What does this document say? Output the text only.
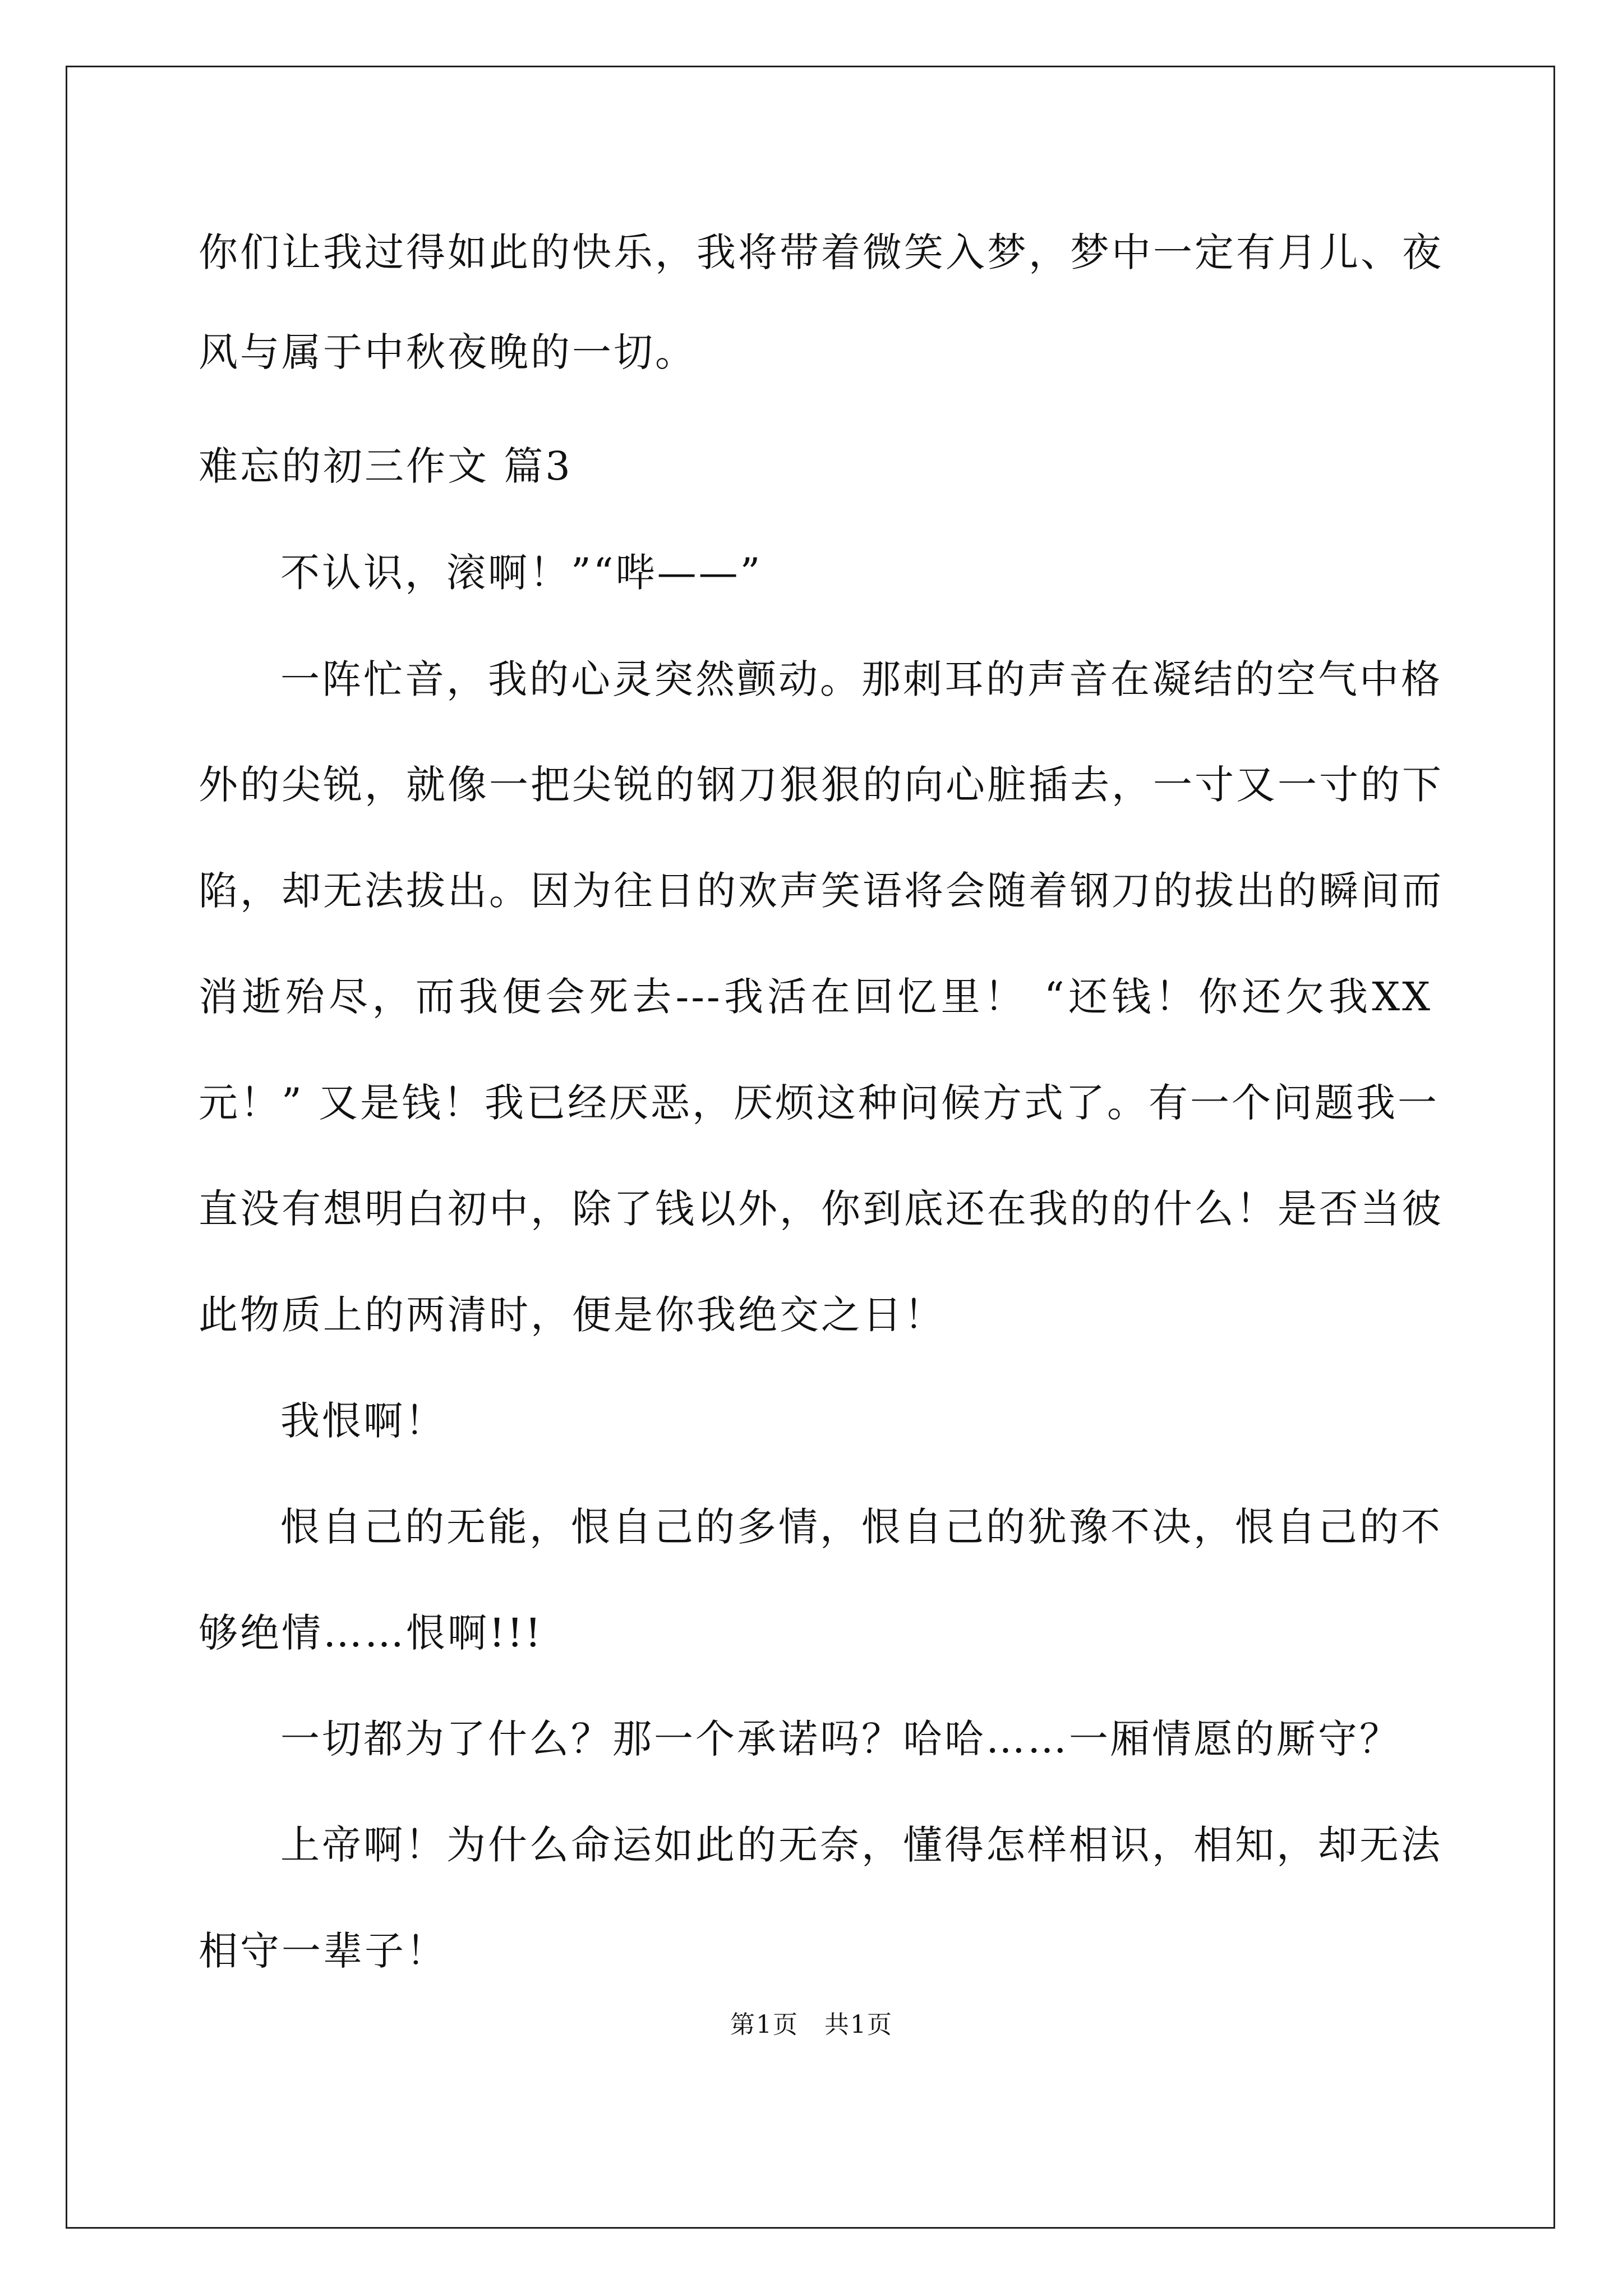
你们让我过得如此的快乐，我将带着微笑入梦，梦中一定有月儿、夜
风与属于中秋夜晚的一切。
难忘的初三作文 篇3
不认识，滚啊！”“哔——”
一阵忙音，我的心灵突然颤动。那刺耳的声音在凝结的空气中格
外的尖锐，就像一把尖锐的钢刀狠狠的向心脏插去，一寸又一寸的下
陷，却无法拔出。因为往日的欢声笑语将会随着钢刀的拔出的瞬间而
消逝殆尽，而我便会死去---我活在回忆里！ “还钱！你还欠我XX
元！” 又是钱！我已经厌恶，厌烦这种问候方式了。有一个问题我一
直没有想明白初中，除了钱以外，你到底还在我的的什么！是否当彼
此物质上的两清时，便是你我绝交之日！
我恨啊！
恨自己的无能，恨自己的多情，恨自己的犹豫不决，恨自己的不
够绝情……恨啊!!!
一切都为了什么？那一个承诺吗？哈哈……一厢情愿的厮守？
上帝啊！为什么命运如此的无奈，懂得怎样相识，相知，却无法
相守一辈子！
第1页　共1页
